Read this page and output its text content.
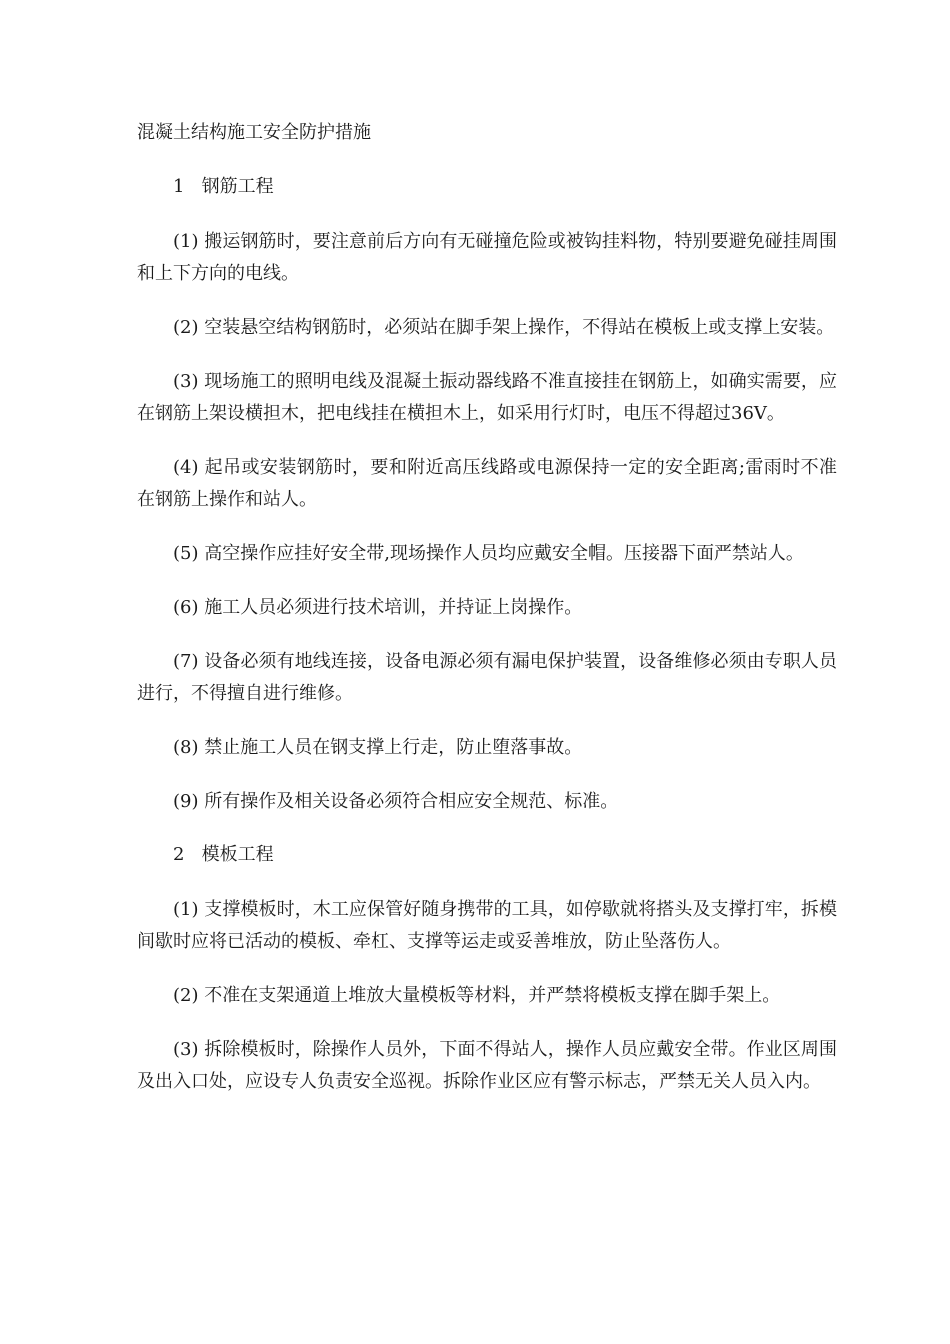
混凝土结构施工安全防护措施
1   钢筋工程

(1) 搬运钢筋时，要注意前后方向有无碰撞危险或被钩挂料物，特别要避免碰挂周围和上下方向的电线。

(2) 空装悬空结构钢筋时，必须站在脚手架上操作，不得站在模板上或支撑上安装。

(3) 现场施工的照明电线及混凝土振动器线路不准直接挂在钢筋上，如确实需要，应在钢筋上架设横担木，把电线挂在横担木上，如采用行灯时，电压不得超过36V。

(4) 起吊或安装钢筋时，要和附近高压线路或电源保持一定的安全距离;雷雨时不准在钢筋上操作和站人。

(5) 高空操作应挂好安全带,现场操作人员均应戴安全帽。压接器下面严禁站人。

(6) 施工人员必须进行技术培训，并持证上岗操作。

(7) 设备必须有地线连接，设备电源必须有漏电保护装置，设备维修必须由专职人员进行，不得擅自进行维修。

(8) 禁止施工人员在钢支撑上行走，防止堕落事故。

(9) 所有操作及相关设备必须符合相应安全规范、标准。

2   模板工程

(1) 支撑模板时，木工应保管好随身携带的工具，如停歇就将搭头及支撑打牢，拆模间歇时应将已活动的模板、牵杠、支撑等运走或妥善堆放，防止坠落伤人。

(2) 不准在支架通道上堆放大量模板等材料，并严禁将模板支撑在脚手架上。

(3) 拆除模板时，除操作人员外，下面不得站人，操作人员应戴安全带。作业区周围及出入口处，应设专人负责安全巡视。拆除作业区应有警示标志，严禁无关人员入内。
